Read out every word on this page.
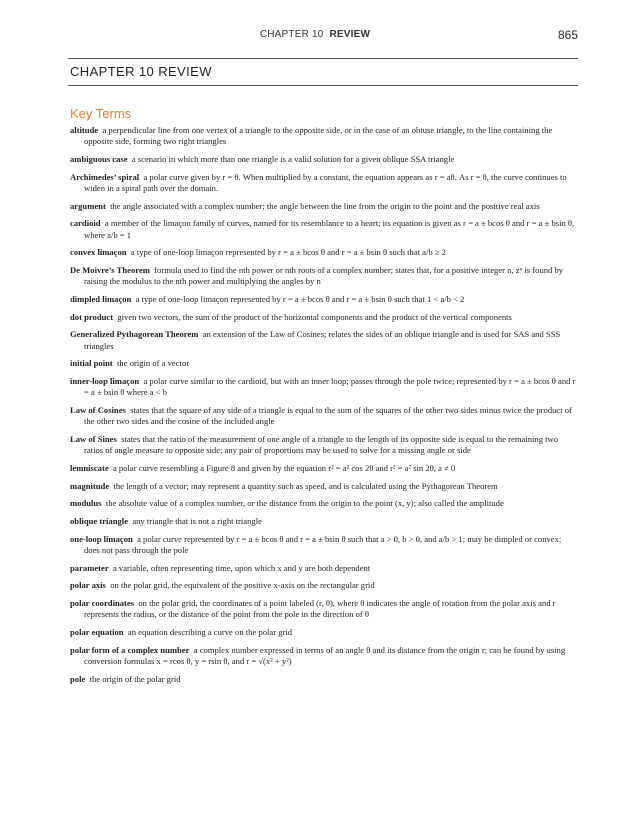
CHAPTER 10 REVIEW	865
CHAPTER 10 REVIEW
Key Terms

altitude  a perpendicular line from one vertex of a triangle to the opposite side, or in the case of an obtuse triangle, to the line containing the opposite side, forming two right triangles

ambiguous case  a scenario in which more than one triangle is a valid solution for a given oblique SSA triangle

Archimedes’ spiral  a polar curve given by r = θ. When multiplied by a constant, the equation appears as r = aθ. As r = θ, the curve continues to widen in a spiral path over the domain.

argument  the angle associated with a complex number; the angle between the line from the origin to the point and the positive real axis

cardioid  a member of the limaçon family of curves, named for its resemblance to a heart; its equation is given as r = a ± bcos θ and r = a ± bsin θ, where a/b = 1

convex limaçon  a type of one-loop limaçon represented by r = a ± bcos θ and r = a ± bsin θ such that a/b ≥ 2

De Moivre’s Theorem  formula used to find the nth power or nth roots of a complex number; states that, for a positive integer n, zⁿ is found by raising the modulus to the nth power and multiplying the angles by n

dimpled limaçon  a type of one-loop limaçon represented by r = a ± bcos θ and r = a ± bsin θ such that 1 < a/b < 2

dot product  given two vectors, the sum of the product of the horizontal components and the product of the vertical components

Generalized Pythagorean Theorem  an extension of the Law of Cosines; relates the sides of an oblique triangle and is used for SAS and SSS triangles

initial point  the origin of a vector

inner-loop limaçon  a polar curve similar to the cardioid, but with an inner loop; passes through the pole twice; represented by r = a ± bcos θ and r = a ± bsin θ where a < b

Law of Cosines  states that the square of any side of a triangle is equal to the sum of the squares of the other two sides minus twice the product of the other two sides and the cosine of the included angle

Law of Sines  states that the ratio of the measurement of one angle of a triangle to the length of its opposite side is equal to the remaining two ratios of angle measure to opposite side; any pair of proportions may be used to solve for a missing angle or side

lemniscate  a polar curve resembling a Figure 8 and given by the equation r² = a² cos 2θ and r² = a² sin 2θ, a ≠ 0

magnitude  the length of a vector; may represent a quantity such as speed, and is calculated using the Pythagorean Theorem

modulus  the absolute value of a complex number, or the distance from the origin to the point (x, y); also called the amplitude

oblique triangle  any triangle that is not a right triangle

one-loop limaçon  a polar curve represented by r = a ± bcos θ and r = a ± bsin θ such that a > 0, b > 0, and a/b > 1; may be dimpled or convex; does not pass through the pole

parameter  a variable, often representing time, upon which x and y are both dependent

polar axis  on the polar grid, the equivalent of the positive x-axis on the rectangular grid

polar coordinates  on the polar grid, the coordinates of a point labeled (r, θ), where θ indicates the angle of rotation from the polar axis and r represents the radius, or the distance of the point from the pole in the direction of θ

polar equation  an equation describing a curve on the polar grid

polar form of a complex number  a complex number expressed in terms of an angle θ and its distance from the origin r; can be found by using conversion formulas x = rcos θ, y = rsin θ, and r = √(x² + y²)

pole  the origin of the polar grid
